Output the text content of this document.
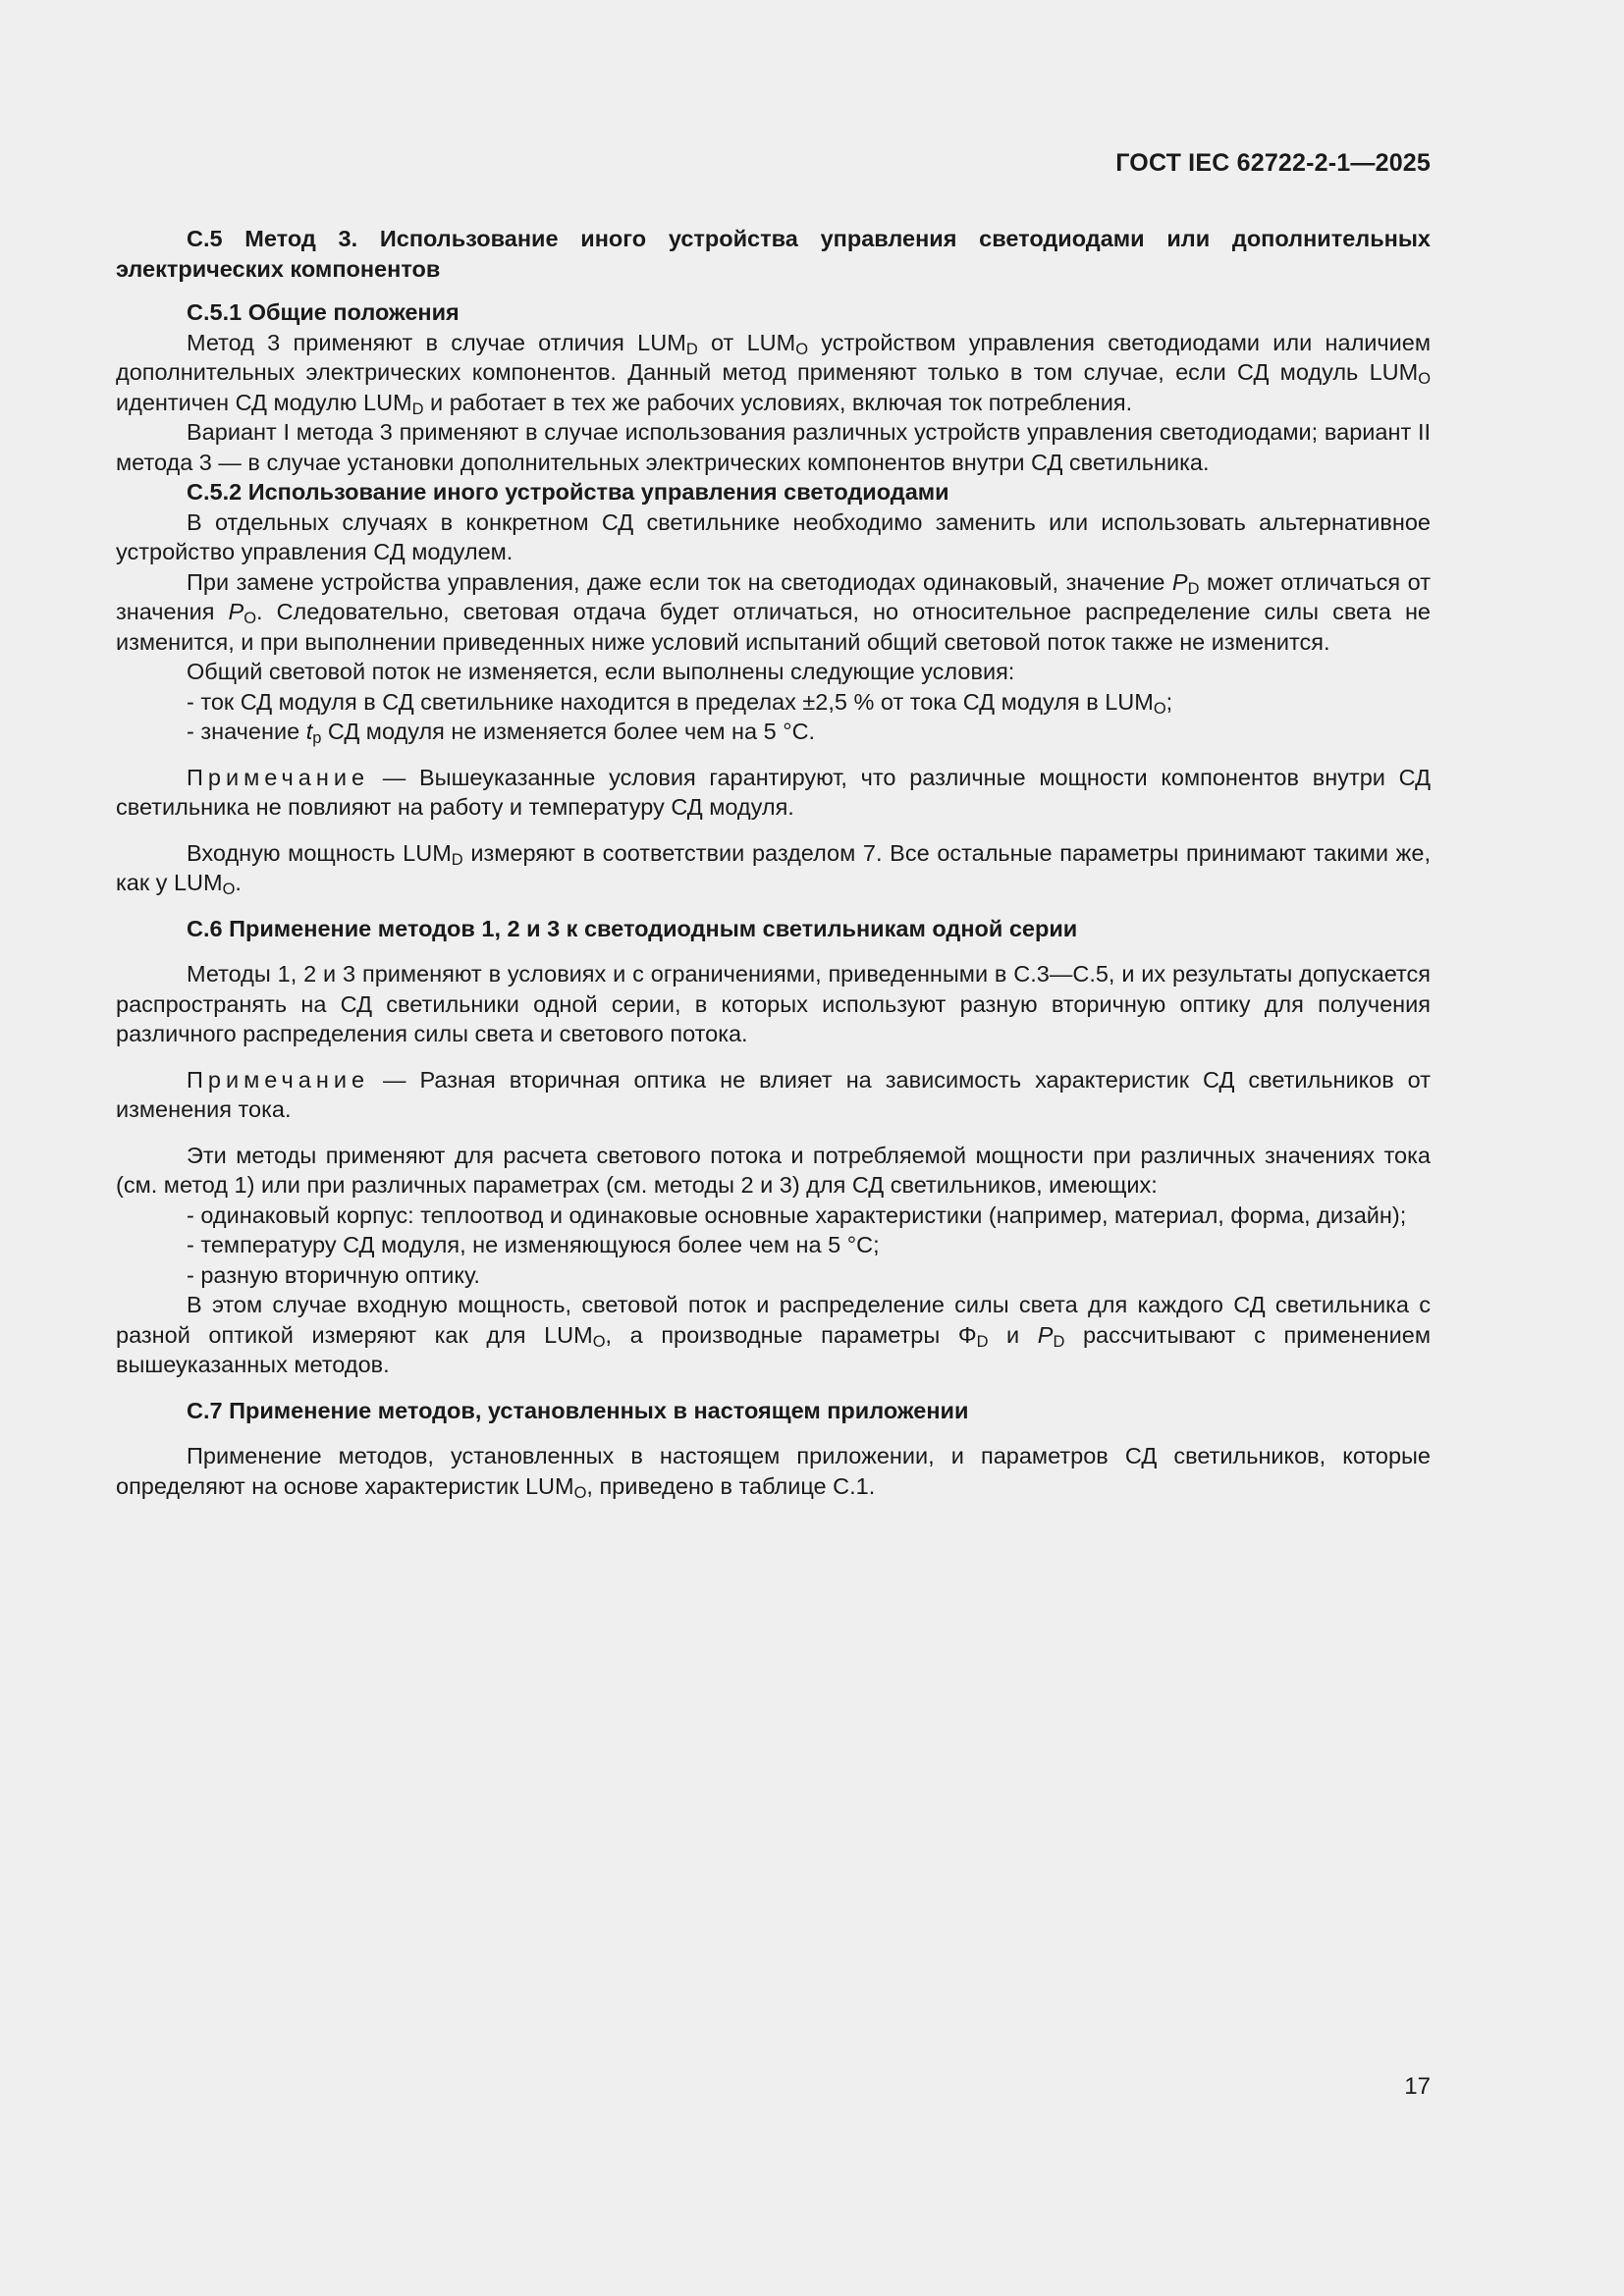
ГОСТ IEC 62722-2-1—2025

С.5 Метод 3. Использование иного устройства управления светодиодами или дополнительных электрических компонентов

С.5.1 Общие положения

Метод 3 применяют в случае отличия $LUM_D$ от $LUM_O$ устройством управления светодиодами или наличием дополнительных электрических компонентов. Данный метод применяют только в том случае, если СД модуль $LUM_O$ идентичен СД модулю $LUM_D$ и работает в тех же рабочих условиях, включая ток потребления.

Вариант I метода 3 применяют в случае использования различных устройств управления светодиодами; вариант II метода 3 — в случае установки дополнительных электрических компонентов внутри СД светильника.

С.5.2 Использование иного устройства управления светодиодами

В отдельных случаях в конкретном СД светильнике необходимо заменить или использовать альтернативное устройство управления СД модулем.

При замене устройства управления, даже если ток на светодиодах одинаковый, значение $P_D$ может отличаться от значения $P_O$. Следовательно, световая отдача будет отличаться, но относительное распределение силы света не изменится, и при выполнении приведенных ниже условий испытаний общий световой поток также не изменится.

Общий световой поток не изменяется, если выполнены следующие условия:

- ток СД модуля в СД светильнике находится в пределах ±2,5 % от тока СД модуля в $LUM_O$;

- значение $t_p$ СД модуля не изменяется более чем на 5 °С.

Примечание — Вышеуказанные условия гарантируют, что различные мощности компонентов внутри СД светильника не повлияют на работу и температуру СД модуля.

Входную мощность $LUM_D$ измеряют в соответствии разделом 7. Все остальные параметры принимают такими же, как у $LUM_O$.

С.6 Применение методов 1, 2 и 3 к светодиодным светильникам одной серии

Методы 1, 2 и 3 применяют в условиях и с ограничениями, приведенными в С.3—С.5, и их результаты допускается распространять на СД светильники одной серии, в которых используют разную вторичную оптику для получения различного распределения силы света и светового потока.

Примечание — Разная вторичная оптика не влияет на зависимость характеристик СД светильников от изменения тока.

Эти методы применяют для расчета светового потока и потребляемой мощности при различных значениях тока (см. метод 1) или при различных параметрах (см. методы 2 и 3) для СД светильников, имеющих:

- одинаковый корпус: теплоотвод и одинаковые основные характеристики (например, материал, форма, дизайн);

- температуру СД модуля, не изменяющуюся более чем на 5 °С;

- разную вторичную оптику.

В этом случае входную мощность, световой поток и распределение силы света для каждого СД светильника с разной оптикой измеряют как для $LUM_O$, а производные параметры $\Phi_D$ и $P_D$ рассчитывают с применением вышеуказанных методов.

С.7 Применение методов, установленных в настоящем приложении

Применение методов, установленных в настоящем приложении, и параметров СД светильников, которые определяют на основе характеристик $LUM_O$, приведено в таблице С.1.

17
